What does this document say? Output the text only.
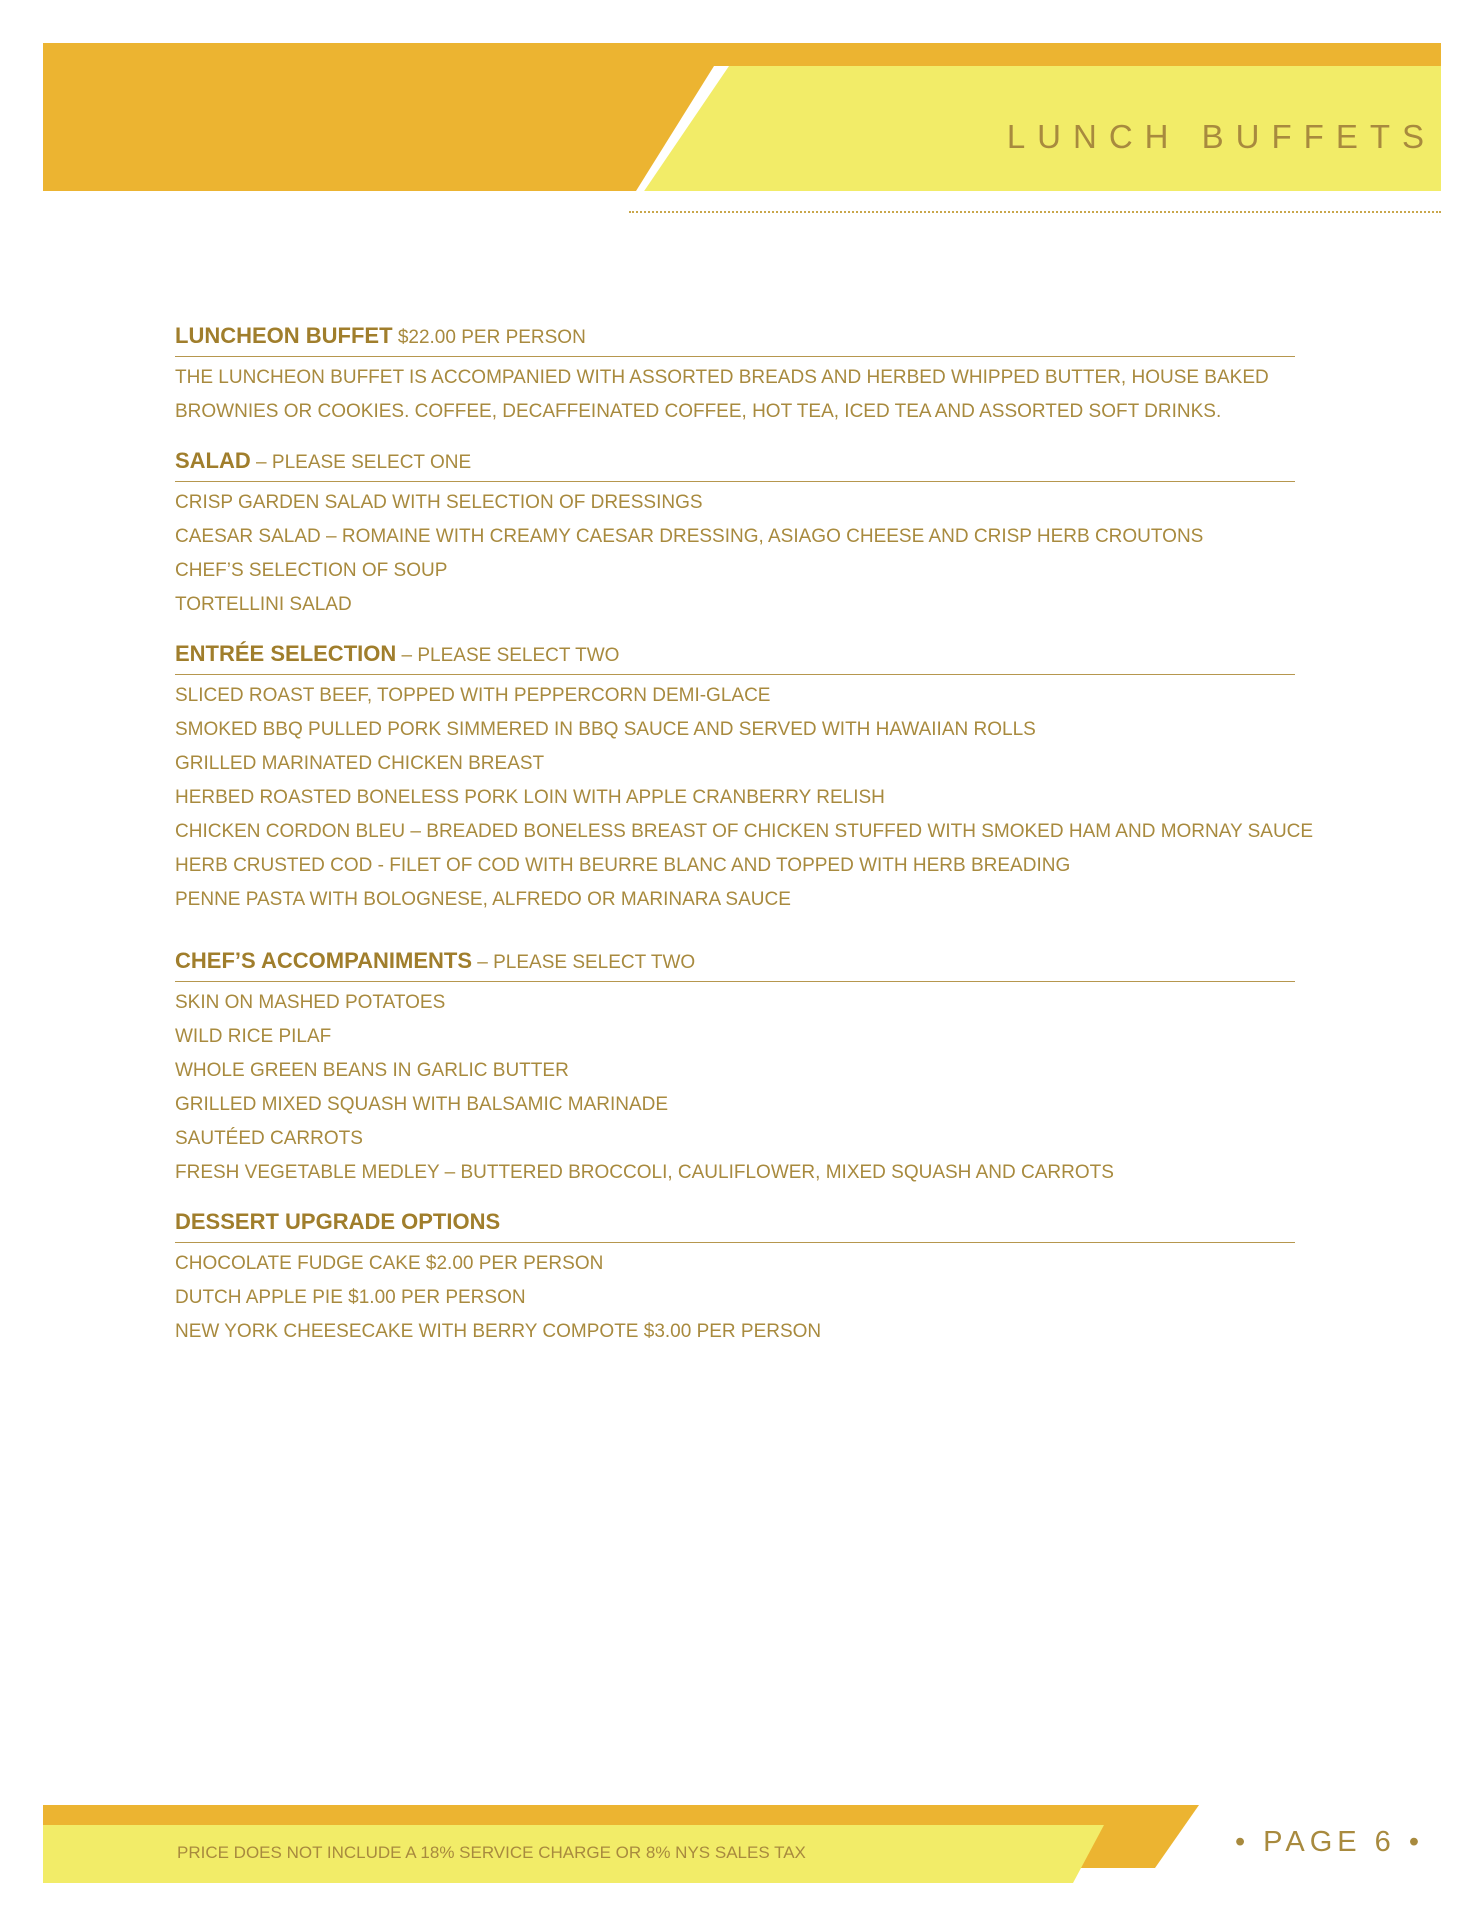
LUNCH BUFFETS
LUNCHEON BUFFET $22.00 PER PERSON
THE LUNCHEON BUFFET IS ACCOMPANIED WITH ASSORTED BREADS AND HERBED WHIPPED BUTTER, HOUSE BAKED
BROWNIES OR COOKIES. COFFEE, DECAFFEINATED COFFEE, HOT TEA, ICED TEA AND ASSORTED SOFT DRINKS.
SALAD – PLEASE SELECT ONE
CRISP GARDEN SALAD WITH SELECTION OF DRESSINGS
CAESAR SALAD – ROMAINE WITH CREAMY CAESAR DRESSING, ASIAGO CHEESE AND CRISP HERB CROUTONS
CHEF’S SELECTION OF SOUP
TORTELLINI SALAD
ENTRÉE SELECTION – PLEASE SELECT TWO
SLICED ROAST BEEF, TOPPED WITH PEPPERCORN DEMI-GLACE
SMOKED BBQ PULLED PORK SIMMERED IN BBQ SAUCE AND SERVED WITH HAWAIIAN ROLLS
GRILLED MARINATED CHICKEN BREAST
HERBED ROASTED BONELESS PORK LOIN WITH APPLE CRANBERRY RELISH
CHICKEN CORDON BLEU – BREADED BONELESS BREAST OF CHICKEN STUFFED WITH SMOKED HAM AND MORNAY SAUCE
HERB CRUSTED COD - FILET OF COD WITH BEURRE BLANC AND TOPPED WITH HERB BREADING
PENNE PASTA WITH BOLOGNESE, ALFREDO OR MARINARA SAUCE
CHEF’S ACCOMPANIMENTS – PLEASE SELECT TWO
SKIN ON MASHED POTATOES
WILD RICE PILAF
WHOLE GREEN BEANS IN GARLIC BUTTER
GRILLED MIXED SQUASH WITH BALSAMIC MARINADE
SAUTÉED CARROTS
FRESH VEGETABLE MEDLEY – BUTTERED BROCCOLI, CAULIFLOWER, MIXED SQUASH AND CARROTS
DESSERT UPGRADE OPTIONS
CHOCOLATE FUDGE CAKE $2.00 PER PERSON
DUTCH APPLE PIE $1.00 PER PERSON
NEW YORK CHEESECAKE WITH BERRY COMPOTE $3.00 PER PERSON
PRICE DOES NOT INCLUDE A 18% SERVICE CHARGE OR 8% NYS SALES TAX	• PAGE 6 •
